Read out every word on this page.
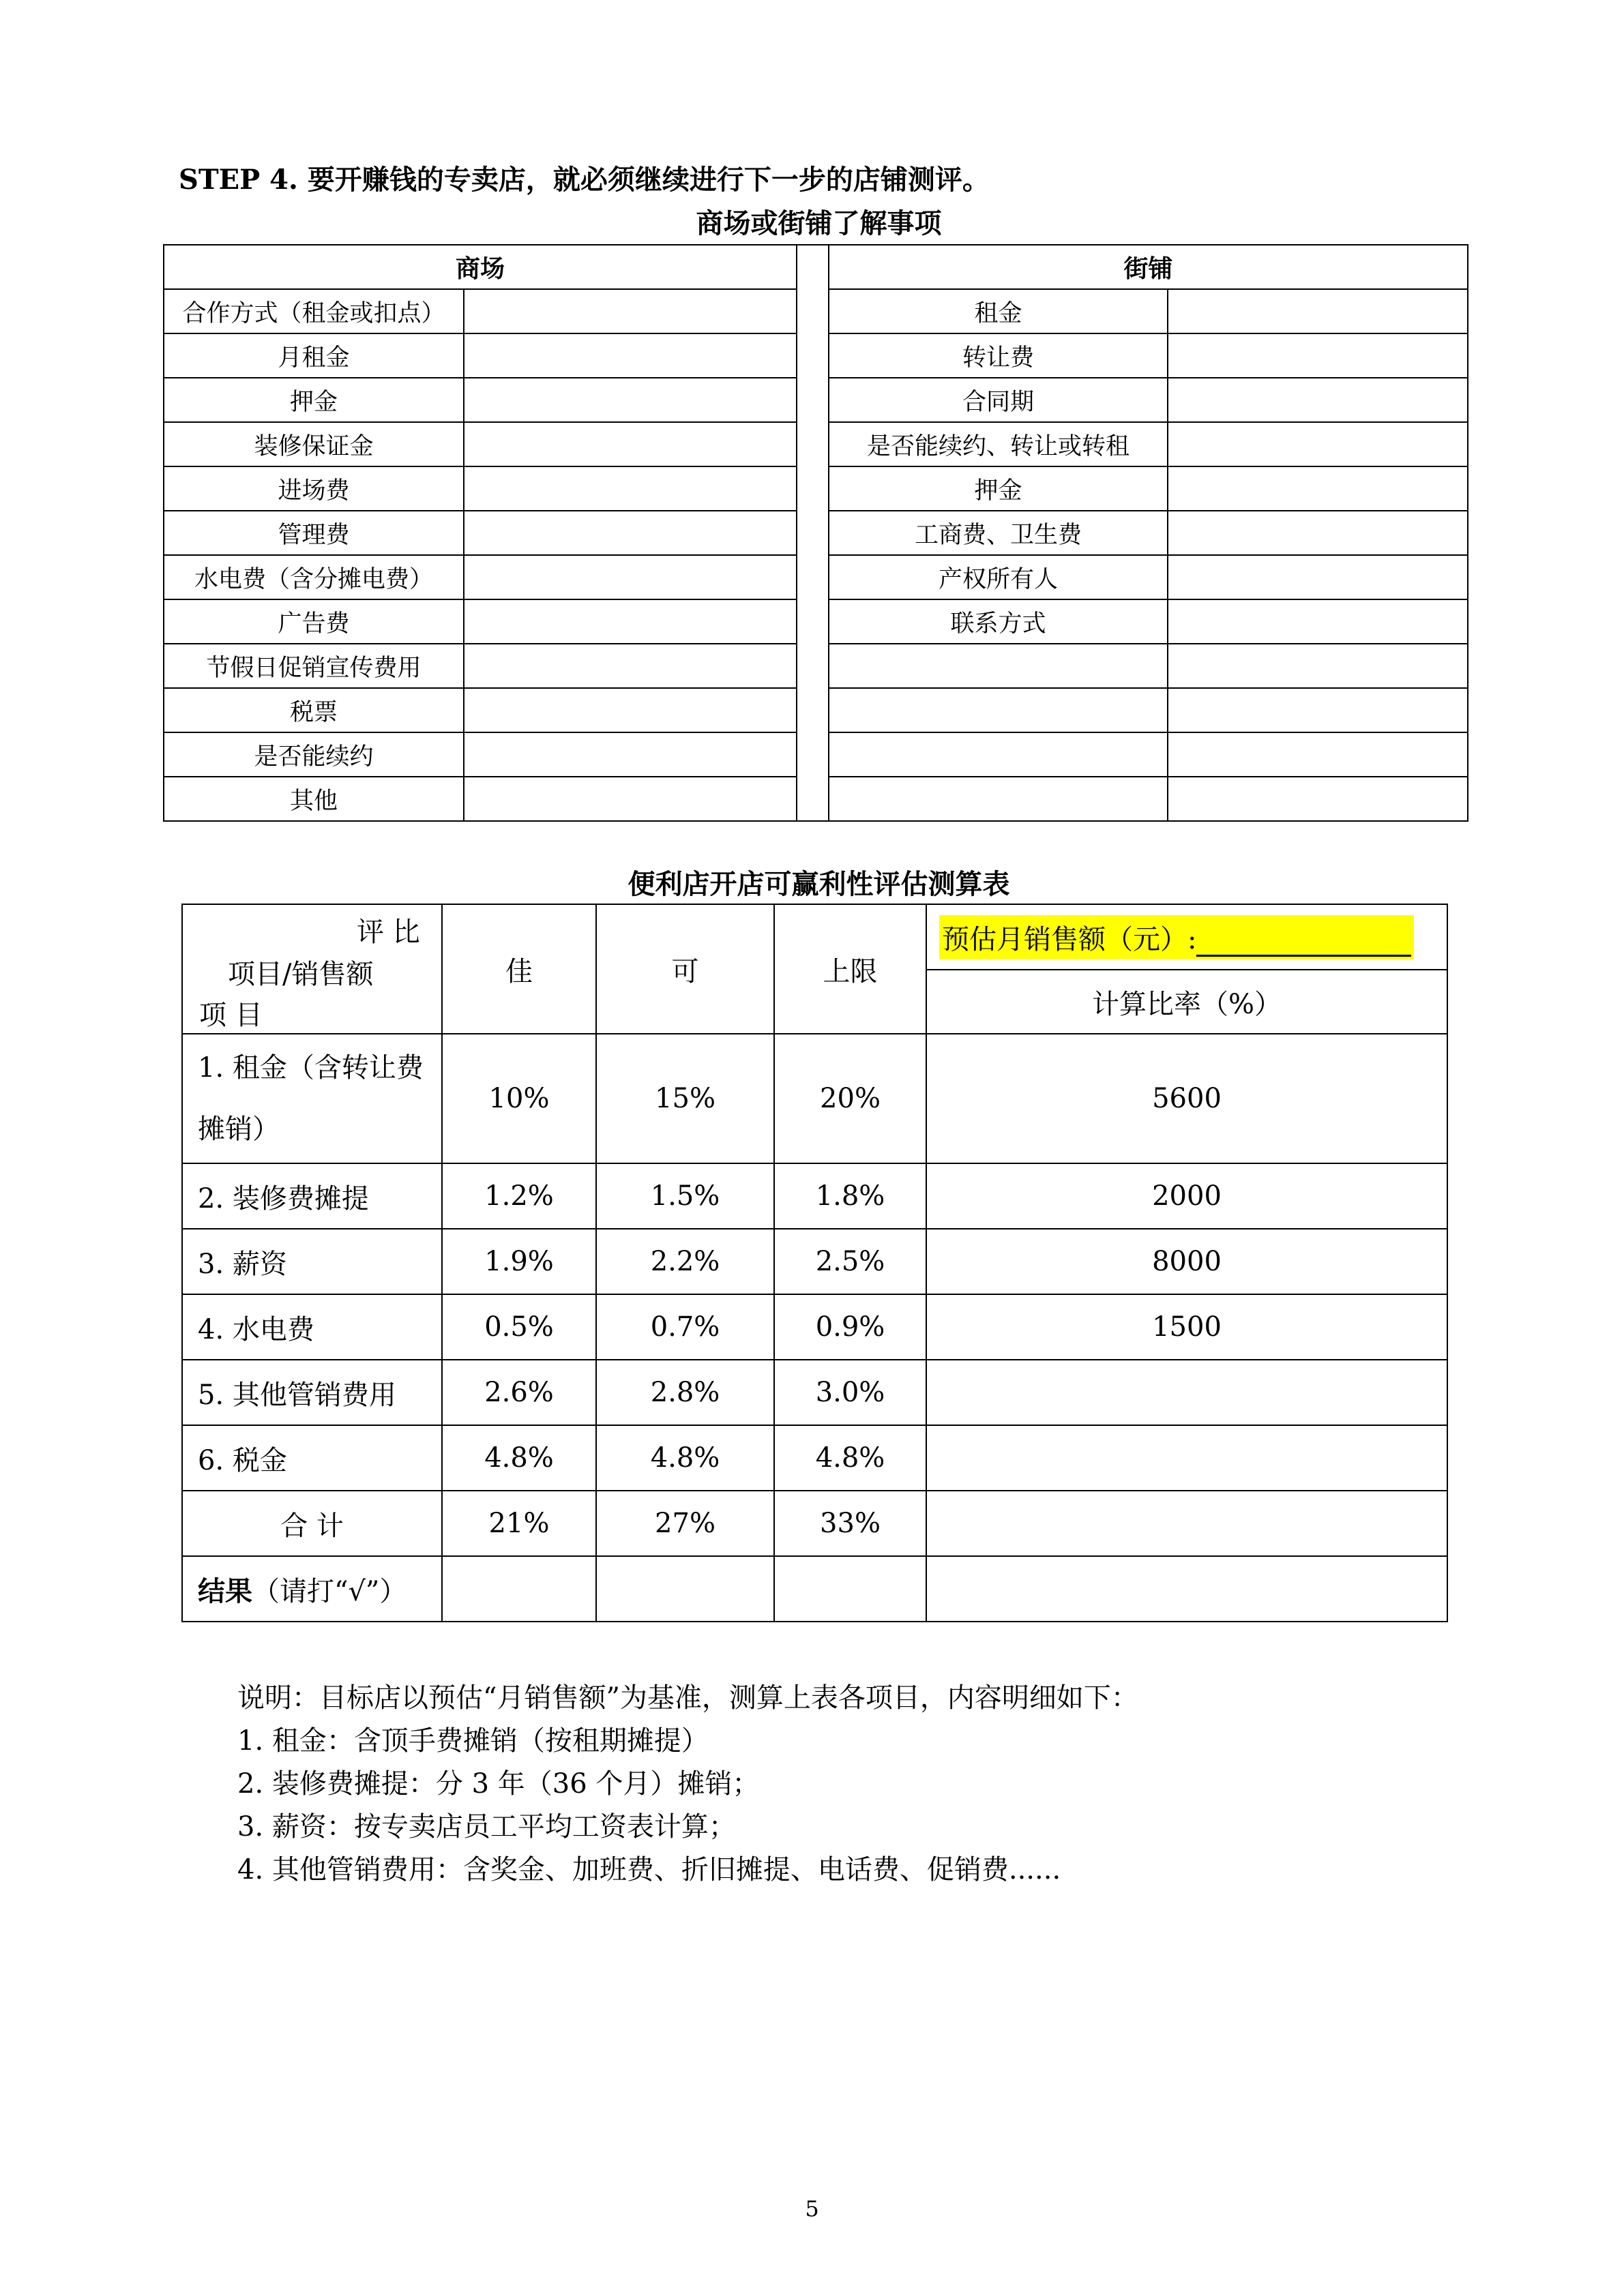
STEP 4. 要开赚钱的专卖店，就必须继续进行下一步的店铺测评。
商场或街铺了解事项
商场			街铺	
合作方式（租金或扣点）			租金	
月租金			转让费	
押金			合同期	
装修保证金			是否能续约、转让或转租	
进场费			押金	
管理费			工商费、卫生费	
水电费（含分摊电费）			产权所有人	
广告费			联系方式	
节假日促销宣传费用				
税票				
是否能续约				
其他				
便利店开店可赢利性评估测算表
评 比
项目/销售额
项 目	佳	可	上限	预估月销售额（元）:
				计算比率（%）
1. 租金（含转让费摊销）	10%	15%	20%	5600
2. 装修费摊提	1.2%	1.5%	1.8%	2000
3. 薪资	1.9%	2.2%	2.5%	8000
4. 水电费	0.5%	0.7%	0.9%	1500
5. 其他管销费用	2.6%	2.8%	3.0%	
6. 税金	4.8%	4.8%	4.8%	
合 计	21%	27%	33%	
结果（请打“√”）				
说明：目标店以预估“月销售额”为基准，测算上表各项目，内容明细如下：
1. 租金：含顶手费摊销（按租期摊提）
2. 装修费摊提：分 3 年（36 个月）摊销；
3. 薪资：按专卖店员工平均工资表计算；
4. 其他管销费用：含奖金、加班费、折旧摊提、电话费、促销费......
5
